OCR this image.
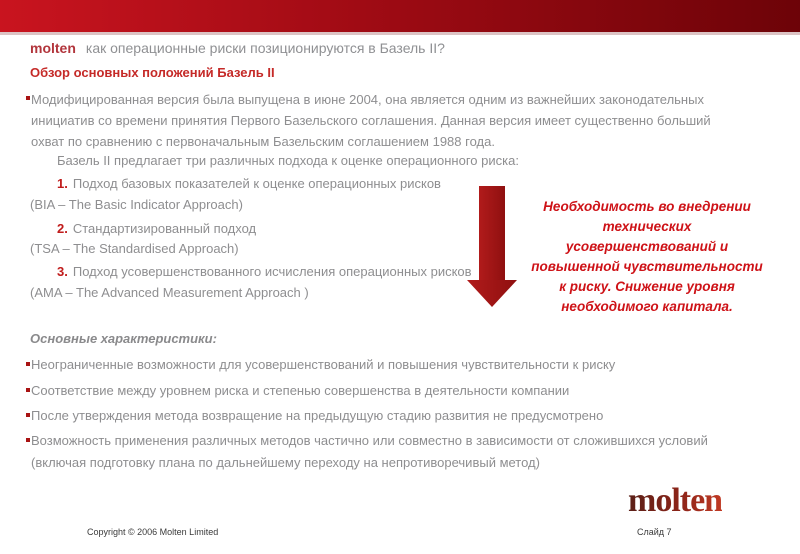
molten как операционные риски позиционируются в Базель II?
Обзор основных положений Базель II
Модифицированная версия была выпущена в июне 2004, она является одним из важнейших законодательных инициатив со времени принятия Первого Базельского соглашения. Данная версия имеет существенно больший охват по сравнению с первоначальным Базельским соглашением 1988 года.
Базель II предлагает три различных подхода к оценке операционного риска:
1. Подход базовых показателей к оценке операционных рисков
(BIA – The Basic Indicator Approach)
2. Стандартизированный подход
(TSA – The Standardised Approach)
3. Подход усовершенствованного исчисления операционных рисков
(AMA – The Advanced Measurement Approach )
Необходимость во внедрении
технических
усовершенствований и
повышенной чувствительности
к риску. Снижение уровня
необходимого капитала.
Основные характеристики:
Неограниченные возможности для усовершенствований и повышения чувствительности к риску
Соответствие между уровнем риска и степенью совершенства в деятельности компании
После утверждения метода возвращение на предыдущую стадию развития не предусмотрено
Возможность применения различных методов частично или совместно в зависимости от сложившихся условий (включая подготовку плана по дальнейшему переходу на непротиворечивый метод)
molten
Copyright © 2006 Molten Limited	Слайд 7
